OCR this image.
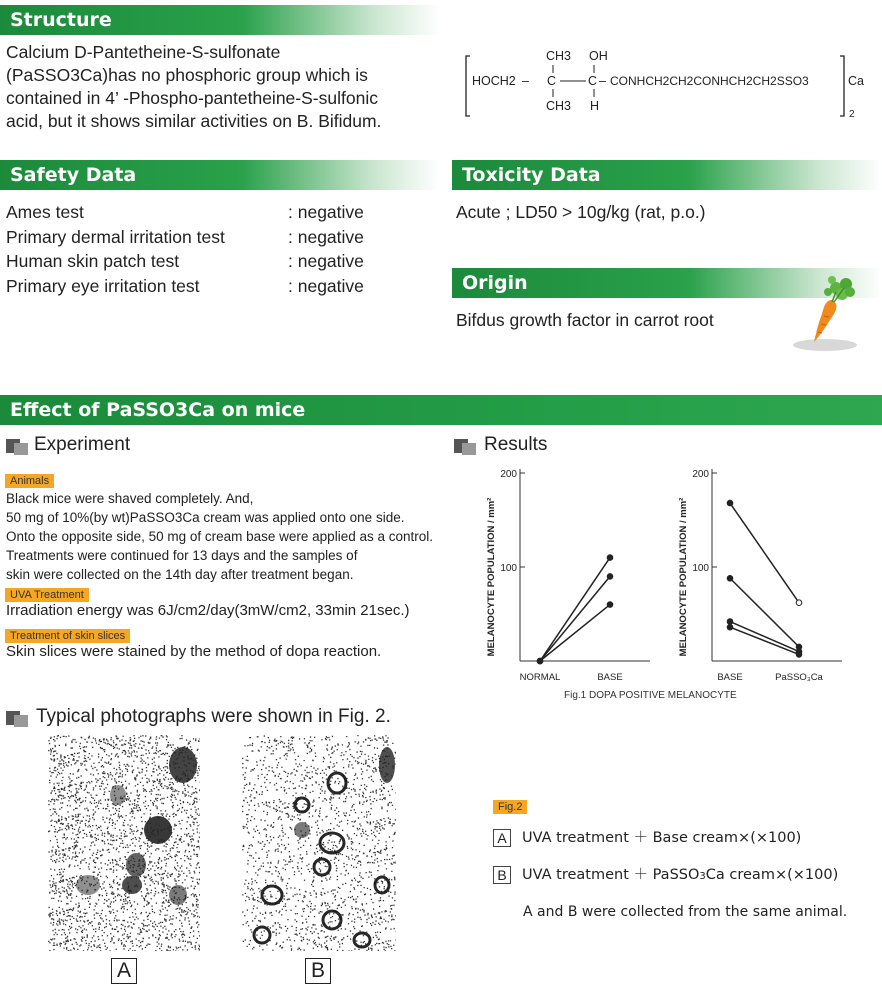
Structure
Calcium D-Pantetheine-S-sulfonate
(PaSSO3Ca)has no phosphoric group which is
contained in 4’ -Phospho-pantetheine-S-sulfonic
acid, but it shows similar activities on B. Bifidum.
CH3 OH
HOCH2 – C	C – CONHCH2CH2CONHCH2CH2SSO3
CH3 H
Ca
2
Safety Data
Ames test	: negative
Primary dermal irritation test	: negative
Human skin patch test	: negative
Primary eye irritation test	: negative
Toxicity Data
Acute ; LD50 > 10g/kg (rat, p.o.)
Origin
Bifdus growth factor in carrot root
Effect of PaSSO3Ca on mice
Experiment
Animals
Black mice were shaved completely. And,
50 mg of 10%(by wt)PaSSO3Ca cream was applied onto one side.
Onto the opposite side, 50 mg of cream base were applied as a control.
Treatments were continued for 13 days and the samples of
skin were collected on the 14th day after treatment began.
UVA Treatment
Irradiation energy was 6J/cm2/day(3mW/cm2, 33min 21sec.)
Treatment of skin slices
Skin slices were stained by the method of dopa reaction.
Results
100
200
NORMAL	BASE
MELANOCYTE POPULATION / mm²	100
200
BASE	PaSSO₃Ca
MELANOCYTE POPULATION / mm²
Fig.1 DOPA POSITIVE MELANOCYTE
Typical photographs were shown in Fig. 2.
A	B
Fig.2
A UVA treatment ＋ Base cream×(×100)
B UVA treatment ＋ PaSSO3Ca cream×(×100)
A and B were collected from the same animal.
